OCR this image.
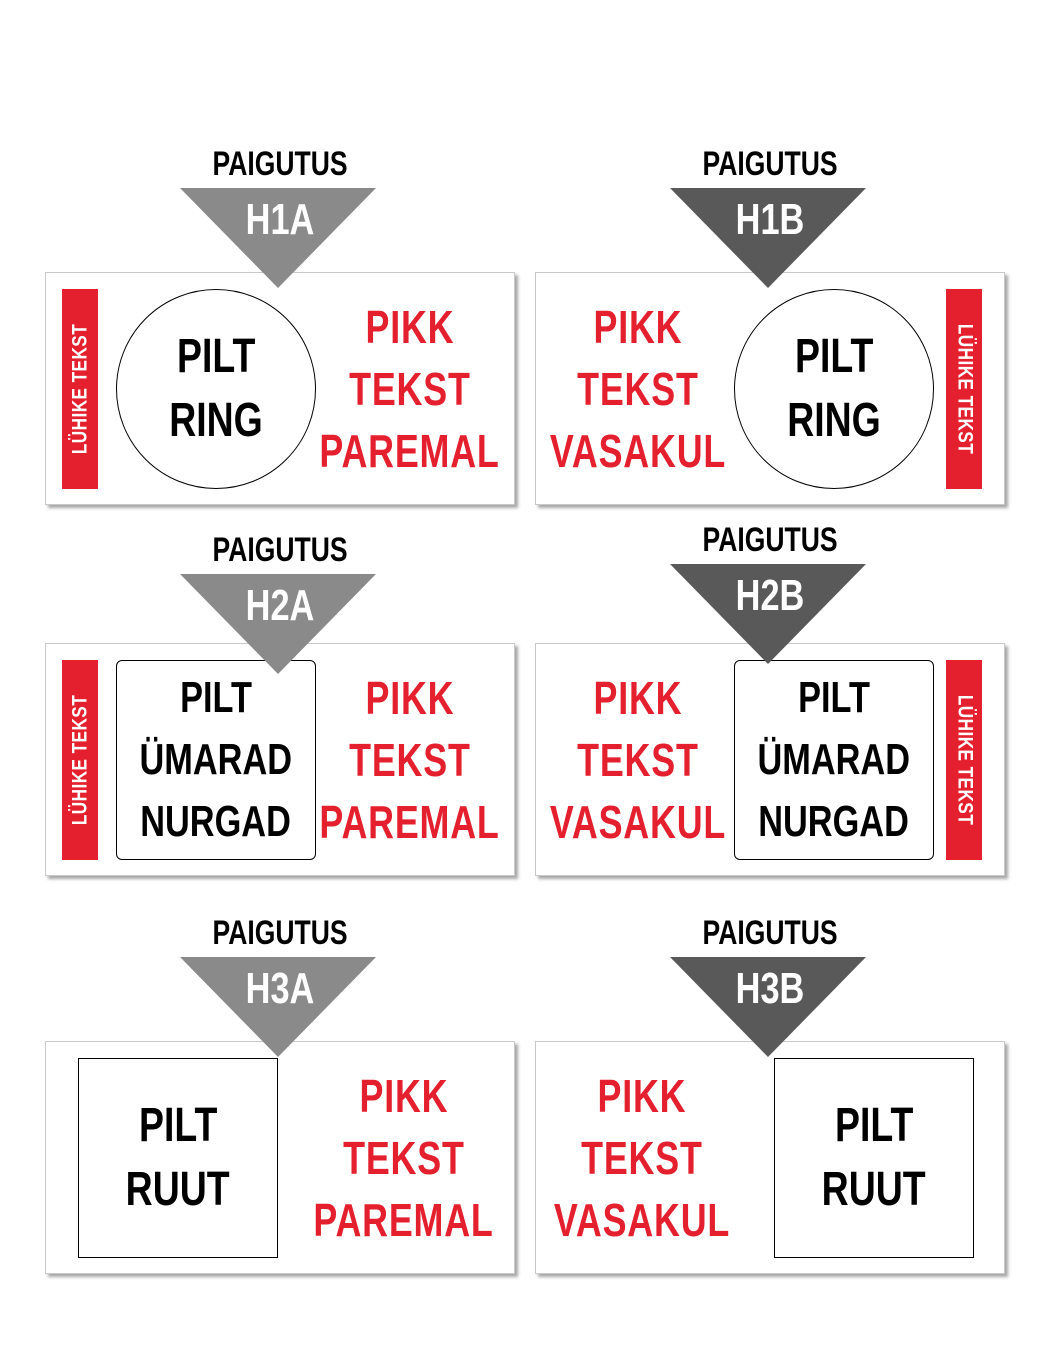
PAIGUTUS
H1A
LÜHIKE TEKST PILT
RING
PIKK
TEKST
PAREMAL
PAIGUTUS
H1B
PIKK
TEKST
VASAKUL
PILT
RING	LÜHIKE TEKST
PAIGUTUS
H2A
LÜHIKE TEKST PILT
ÜMARAD
NURGAD
PIKK
TEKST
PAREMAL
PAIGUTUS
H2B
PIKK
TEKST
VASAKUL
PILT
ÜMARAD
NURGAD LÜHIKE TEKST
PAIGUTUS
H3A
PILT
RUUT
PIKK
TEKST
PAREMAL
PAIGUTUS
H3B
PIKK
TEKST
VASAKUL
PILT
RUUT
